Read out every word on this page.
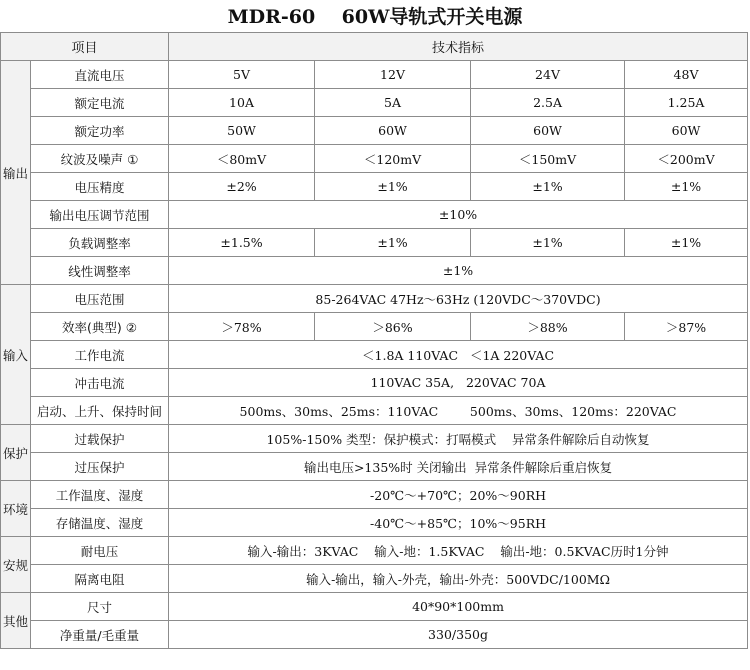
MDR-60    60W导轨式开关电源
项目		技术指标			
输出	直流电压	5V	12V	24V	48V
	额定电流	10A	5A	2.5A	1.25A
	额定功率	50W	60W	60W	60W
	纹波及噪声 ①	＜80mV	＜120mV	＜150mV	＜200mV
	电压精度	±2%	±1%	±1%	±1%
	输出电压调节范围	±10%			
	负载调整率	±1.5%	±1%	±1%	±1%
	线性调整率	±1%			
输入	电压范围	85-264VAC 47Hz～63Hz (120VDC～370VDC)			
	效率(典型) ②	＞78%	＞86%	＞88%	＞87%
	工作电流	＜1.8A 110VAC   ＜1A 220VAC			
	冲击电流	110VAC 35A,   220VAC 70A			
	启动、上升、保持时间	500ms、30ms、25ms：110VAC        500ms、30ms、120ms：220VAC			
保护	过载保护	105%-150% 类型：保护模式：打嗝模式    异常条件解除后自动恢复			
	过压保护	输出电压>135%时 关闭输出  异常条件解除后重启恢复			
环境	工作温度、湿度	-20℃～+70℃；20%～90RH			
	存储温度、湿度	-40℃～+85℃；10%～95RH			
安规	耐电压	输入-输出：3KVAC    输入-地：1.5KVAC    输出-地：0.5KVAC历时1分钟			
	隔离电阻	输入-输出，输入-外壳，输出-外壳：500VDC/100MΩ			
其他	尺寸	40*90*100mm			
	净重量/毛重量	330/350g			
